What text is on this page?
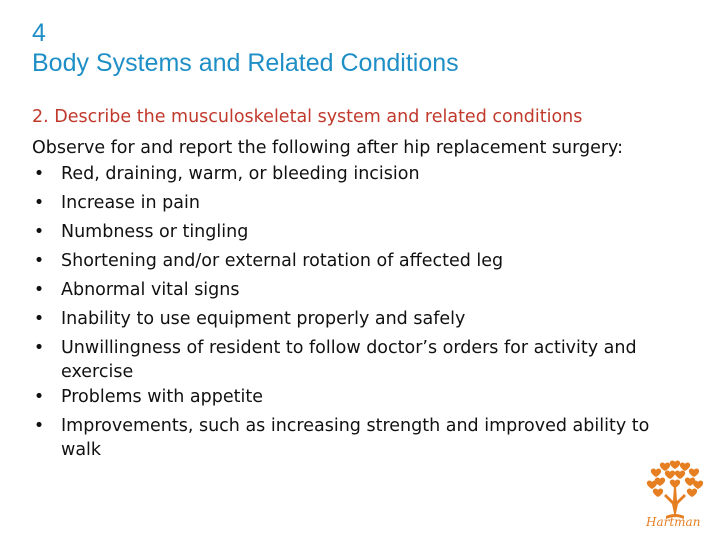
4
Body Systems and Related Conditions
2. Describe the musculoskeletal system and related conditions
Observe for and report the following after hip replacement surgery:
• Red, draining, warm, or bleeding incision
• Increase in pain
• Numbness or tingling
• Shortening and/or external rotation of affected leg
• Abnormal vital signs
• Inability to use equipment properly and safely
• Unwillingness of resident to follow doctor’s orders for activity and exercise
• Problems with appetite
• Improvements, such as increasing strength and improved ability to walk
Hartman
